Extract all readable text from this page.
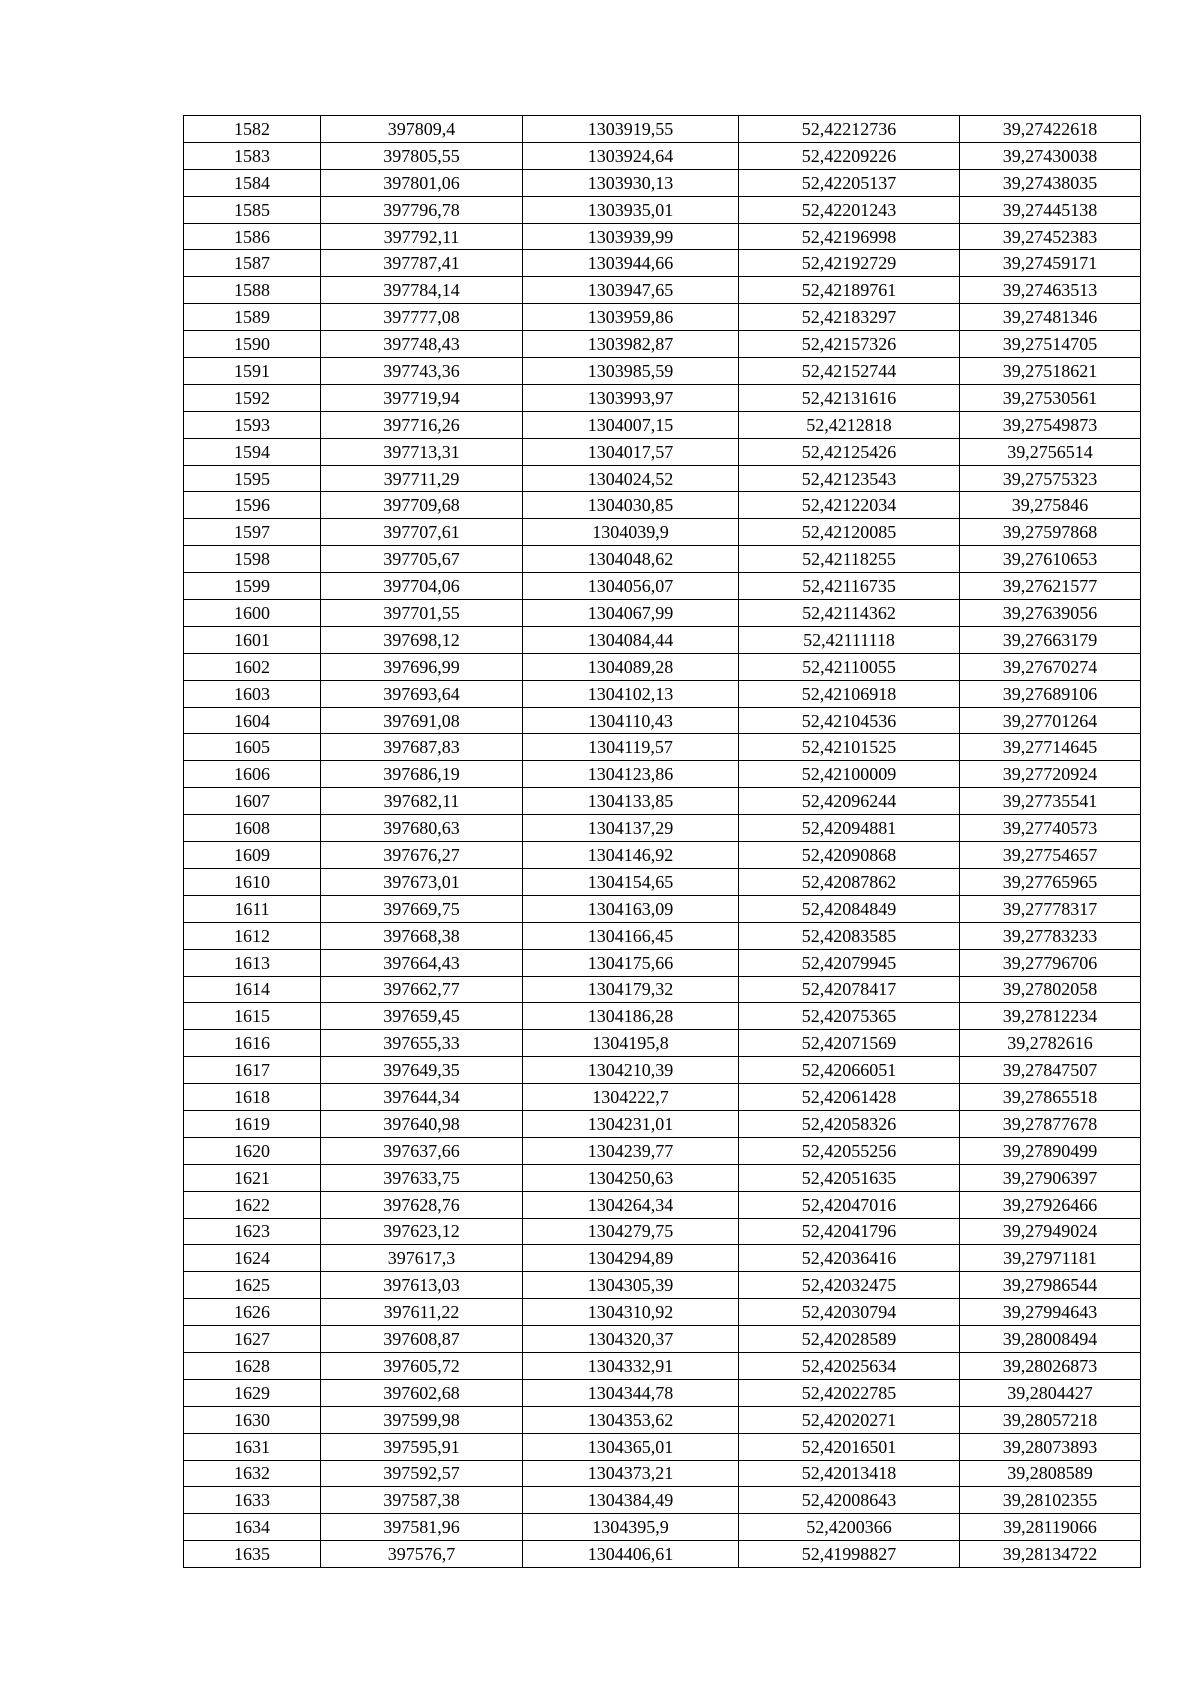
1582	397809,4	1303919,55	52,42212736	39,27422618
1583	397805,55	1303924,64	52,42209226	39,27430038
1584	397801,06	1303930,13	52,42205137	39,27438035
1585	397796,78	1303935,01	52,42201243	39,27445138
1586	397792,11	1303939,99	52,42196998	39,27452383
1587	397787,41	1303944,66	52,42192729	39,27459171
1588	397784,14	1303947,65	52,42189761	39,27463513
1589	397777,08	1303959,86	52,42183297	39,27481346
1590	397748,43	1303982,87	52,42157326	39,27514705
1591	397743,36	1303985,59	52,42152744	39,27518621
1592	397719,94	1303993,97	52,42131616	39,27530561
1593	397716,26	1304007,15	52,4212818	39,27549873
1594	397713,31	1304017,57	52,42125426	39,2756514
1595	397711,29	1304024,52	52,42123543	39,27575323
1596	397709,68	1304030,85	52,42122034	39,275846
1597	397707,61	1304039,9	52,42120085	39,27597868
1598	397705,67	1304048,62	52,42118255	39,27610653
1599	397704,06	1304056,07	52,42116735	39,27621577
1600	397701,55	1304067,99	52,42114362	39,27639056
1601	397698,12	1304084,44	52,42111118	39,27663179
1602	397696,99	1304089,28	52,42110055	39,27670274
1603	397693,64	1304102,13	52,42106918	39,27689106
1604	397691,08	1304110,43	52,42104536	39,27701264
1605	397687,83	1304119,57	52,42101525	39,27714645
1606	397686,19	1304123,86	52,42100009	39,27720924
1607	397682,11	1304133,85	52,42096244	39,27735541
1608	397680,63	1304137,29	52,42094881	39,27740573
1609	397676,27	1304146,92	52,42090868	39,27754657
1610	397673,01	1304154,65	52,42087862	39,27765965
1611	397669,75	1304163,09	52,42084849	39,27778317
1612	397668,38	1304166,45	52,42083585	39,27783233
1613	397664,43	1304175,66	52,42079945	39,27796706
1614	397662,77	1304179,32	52,42078417	39,27802058
1615	397659,45	1304186,28	52,42075365	39,27812234
1616	397655,33	1304195,8	52,42071569	39,2782616
1617	397649,35	1304210,39	52,42066051	39,27847507
1618	397644,34	1304222,7	52,42061428	39,27865518
1619	397640,98	1304231,01	52,42058326	39,27877678
1620	397637,66	1304239,77	52,42055256	39,27890499
1621	397633,75	1304250,63	52,42051635	39,27906397
1622	397628,76	1304264,34	52,42047016	39,27926466
1623	397623,12	1304279,75	52,42041796	39,27949024
1624	397617,3	1304294,89	52,42036416	39,27971181
1625	397613,03	1304305,39	52,42032475	39,27986544
1626	397611,22	1304310,92	52,42030794	39,27994643
1627	397608,87	1304320,37	52,42028589	39,28008494
1628	397605,72	1304332,91	52,42025634	39,28026873
1629	397602,68	1304344,78	52,42022785	39,2804427
1630	397599,98	1304353,62	52,42020271	39,28057218
1631	397595,91	1304365,01	52,42016501	39,28073893
1632	397592,57	1304373,21	52,42013418	39,2808589
1633	397587,38	1304384,49	52,42008643	39,28102355
1634	397581,96	1304395,9	52,4200366	39,28119066
1635	397576,7	1304406,61	52,41998827	39,28134722
